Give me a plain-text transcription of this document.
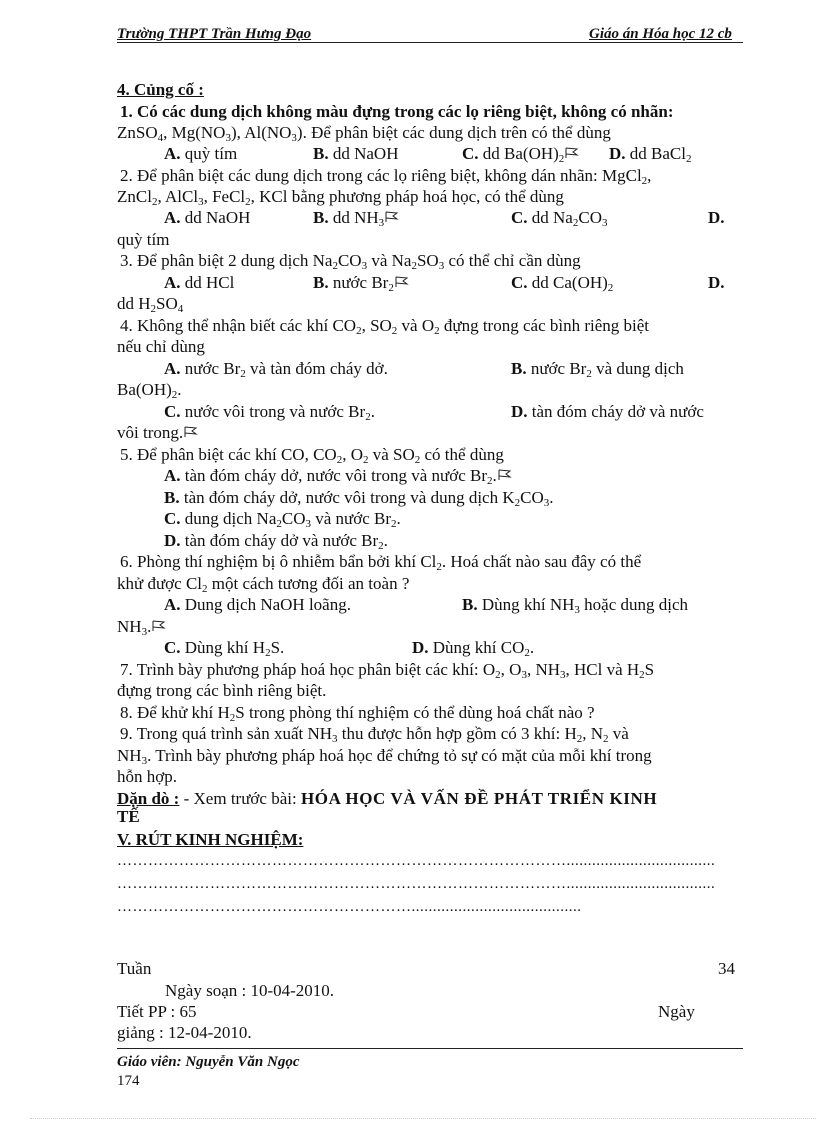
Trường THPT Trần Hưng Đạo	Giáo án Hóa học 12 cb
4. Củng cố :
1. Có các dung dịch không màu đựng trong các lọ riêng biệt, không có nhãn:
ZnSO$_4$, $Mg(NO_3)$, $Al(NO_3)$. Để phân biệt các dung dịch trên có thể dùng
A. quỳ tím	B. dd NaOH	C. dd $Ba(OH)_2$	D. dd BaCl$_2$
2. Để phân biệt các dung dịch trong các lọ riêng biệt, không dán nhãn: MgCl$_2$,
ZnCl$_2$, AlCl$_3$, FeCl$_2$, KCl bằng phương pháp hoá học, có thể dùng
A. dd NaOH	B. dd $NH_3$	C. dd $Na_2CO_3$	D.
quỳ tím
3. Để phân biệt 2 dung dịch $Na_2CO_3$ và $Na_2SO_3$ có thể chỉ cần dùng
A. dd HCl	B. nước $Br_2$	C. dd $Ca(OH)_2$	D.
dd $H_2SO_4$
4. Không thể nhận biết các khí $CO_2$, $SO_2$ và $O_2$ đựng trong các bình riêng biệt
nếu chỉ dùng
A. nước $Br_2$ và tàn đóm cháy dở.	B. nước $Br_2$ và dung dịch
$Ba(OH)_2$.
C. nước vôi trong và nước $Br_2$.	D. tàn đóm cháy dở và nước
vôi trong.
5. Để phân biệt các khí CO, $CO_2$, $O_2$ và $SO_2$ có thể dùng
A. tàn đóm cháy dở, nước vôi trong và nước $Br_2$.
B. tàn đóm cháy dở, nước vôi trong và dung dịch $K_2CO_3$.
C. dung dịch $Na_2CO_3$ và nước $Br_2$.
D. tàn đóm cháy dở và nước $Br_2$.
6. Phòng thí nghiệm bị ô nhiễm bẩn bởi khí $Cl_2$. Hoá chất nào sau đây có thể
khử được $Cl_2$ một cách tương đối an toàn ?
A. Dung dịch NaOH loãng.	B. Dùng khí $NH_3$ hoặc dung dịch
$NH_3$.
C. Dùng khí $H_2S$.	D. Dùng khí $CO_2$.
7. Trình bày phương pháp hoá học phân biệt các khí: $O_2$, $O_3$, $NH_3$, HCl và $H_2S$
đựng trong các bình riêng biệt.
8. Để khử khí $H_2S$ trong phòng thí nghiệm có thể dùng hoá chất nào ?
9. Trong quá trình sản xuất $NH_3$ thu được hỗn hợp gồm có 3 khí: $H_2$, $N_2$ và
$NH_3$. Trình bày phương pháp hoá học để chứng tỏ sự có mặt của mỗi khí trong
hỗn hợp.
Dặn dò : - Xem trước bài: HÓA HỌC VÀ VẤN ĐỀ PHÁT TRIỂN KINH
TẾ
V. RÚT KINH NGHIỆM:
……………………………………………………………………………...................................
……………………………………………………………………………...................................
…………………………………………………........................................
Tuần	34
Ngày soạn : 10-04-2010.
Tiết PP : 65	Ngày
giảng : 12-04-2010.
Giáo viên: Nguyễn Văn Ngọc
174
